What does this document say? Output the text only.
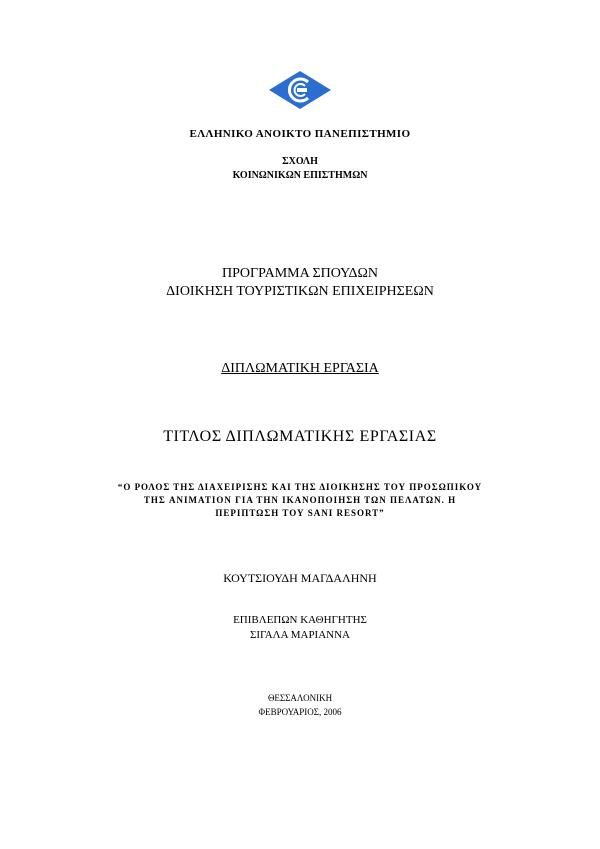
ΕΛΛΗΝΙΚΟ ΑΝΟΙΚΤΟ ΠΑΝΕΠΙΣΤΗΜΙΟ
ΣΧΟΛΗ
ΚΟΙΝΩΝΙΚΩΝ ΕΠΙΣΤΗΜΩΝ
ΠΡΟΓΡΑΜΜΑ ΣΠΟΥΔΩΝ
ΔΙΟΙΚΗΣΗ ΤΟΥΡΙΣΤΙΚΩΝ ΕΠΙΧΕΙΡΗΣΕΩΝ
ΔΙΠΛΩΜΑΤΙΚΗ ΕΡΓΑΣΙΑ
ΤΙΤΛΟΣ ΔΙΠΛΩΜΑΤΙΚΗΣ ΕΡΓΑΣΙΑΣ
“Ο ΡΟΛΟΣ ΤΗΣ ΔΙΑΧΕΙΡΙΣΗΣ ΚΑΙ ΤΗΣ ΔΙΟΙΚΗΣΗΣ ΤΟΥ ΠΡΟΣΩΠΙΚΟΥ
ΤΗΣ ANIMATION ΓΙΑ ΤΗΝ ΙΚΑΝΟΠΟΙΗΣΗ ΤΩΝ ΠΕΛΑΤΩΝ. Η
ΠΕΡΙΠΤΩΣΗ ΤΟΥ SANI RESORT”
ΚΟΥΤΣΙΟΥΔΗ ΜΑΓΔΑΛΗΝΗ
ΕΠΙΒΛΕΠΩΝ ΚΑΘΗΓΗΤΗΣ
ΣΙΓΑΛΑ ΜΑΡΙΑΝΝΑ
ΘΕΣΣΑΛΟΝΙΚΗ
ΦΕΒΡΟΥΑΡΙΟΣ, 2006
